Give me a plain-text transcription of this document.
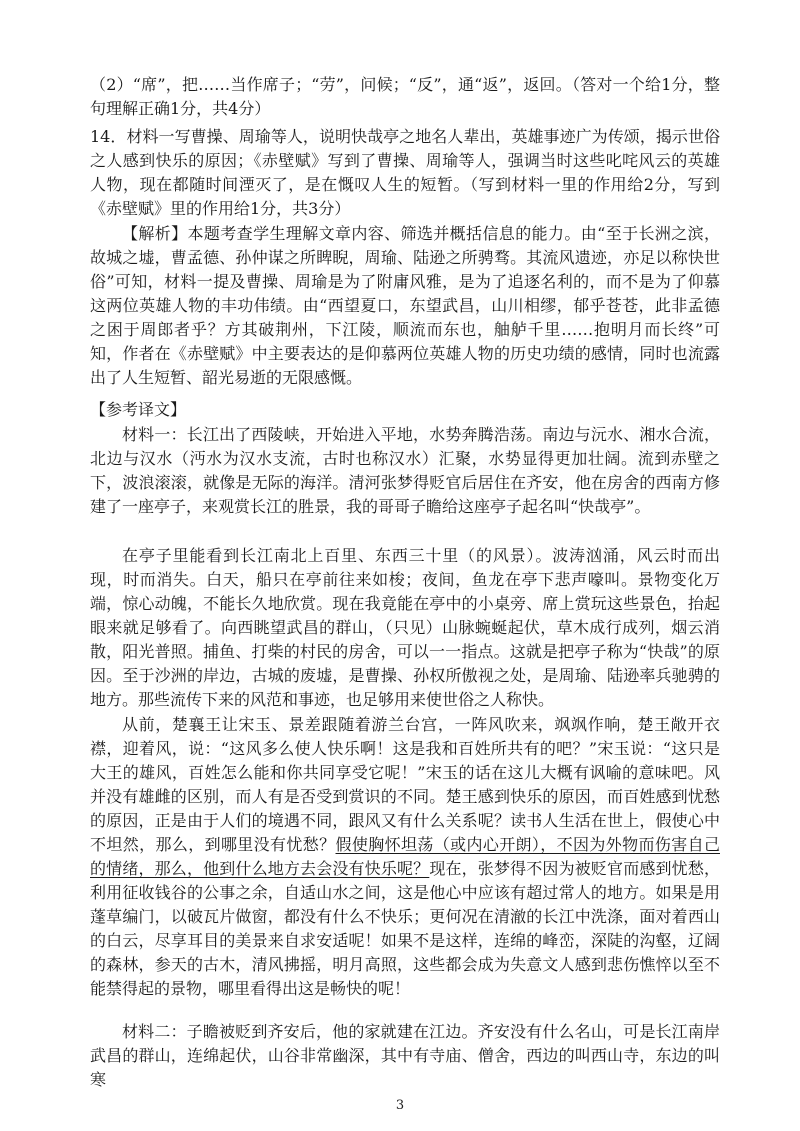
（2）“席”，把……当作席子；“劳”，问候；“反”，通“返”，返回。（答对一个给1分，整句理解正确1分，共4分）
14．材料一写曹操、周瑜等人，说明快哉亭之地名人辈出，英雄事迹广为传颂，揭示世俗之人感到快乐的原因；《赤壁赋》写到了曹操、周瑜等人，强调当时这些叱咤风云的英雄人物，现在都随时间湮灭了，是在慨叹人生的短暂。（写到材料一里的作用给2分，写到《赤壁赋》里的作用给1分，共3分）
【解析】本题考查学生理解文章内容、筛选并概括信息的能力。由“至于长洲之滨，故城之墟，曹孟德、孙仲谋之所睥睨，周瑜、陆逊之所骋骛。其流风遗迹，亦足以称快世俗”可知，材料一提及曹操、周瑜是为了附庸风雅，是为了追逐名利的，而不是为了仰慕这两位英雄人物的丰功伟绩。由“西望夏口，东望武昌，山川相缪，郁乎苍苍，此非孟德之困于周郎者乎？方其破荆州，下江陵，顺流而东也，舳舻千里……抱明月而长终”可知，作者在《赤壁赋》中主要表达的是仰慕两位英雄人物的历史功绩的感情，同时也流露出了人生短暂、韶光易逝的无限感慨。
【参考译文】
材料一：长江出了西陵峡，开始进入平地，水势奔腾浩荡。南边与沅水、湘水合流，北边与汉水（沔水为汉水支流，古时也称汉水）汇聚，水势显得更加壮阔。流到赤壁之下，波浪滚滚，就像是无际的海洋。清河张梦得贬官后居住在齐安，他在房舍的西南方修建了一座亭子，来观赏长江的胜景，我的哥哥子瞻给这座亭子起名叫“快哉亭”。
在亭子里能看到长江南北上百里、东西三十里（的风景）。波涛汹涌，风云时而出现，时而消失。白天，船只在亭前往来如梭；夜间，鱼龙在亭下悲声嚎叫。景物变化万端，惊心动魄，不能长久地欣赏。现在我竟能在亭中的小桌旁、席上赏玩这些景色，抬起眼来就足够看了。向西眺望武昌的群山，（只见）山脉蜿蜒起伏，草木成行成列，烟云消散，阳光普照。捕鱼、打柴的村民的房舍，可以一一指点。这就是把亭子称为“快哉”的原因。至于沙洲的岸边，古城的废墟，是曹操、孙权所傲视之处，是周瑜、陆逊率兵驰骋的地方。那些流传下来的风范和事迹，也足够用来使世俗之人称快。
从前，楚襄王让宋玉、景差跟随着游兰台宫，一阵风吹来，飒飒作响，楚王敞开衣襟，迎着风，说：“这风多么使人快乐啊！这是我和百姓所共有的吧？”宋玉说：“这只是大王的雄风，百姓怎么能和你共同享受它呢！”宋玉的话在这儿大概有讽喻的意味吧。风并没有雄雌的区别，而人有是否受到赏识的不同。楚王感到快乐的原因，而百姓感到忧愁的原因，正是由于人们的境遇不同，跟风又有什么关系呢？读书人生活在世上，假使心中不坦然，那么，到哪里没有忧愁？假使胸怀坦荡（或内心开朗），不因为外物而伤害自己的情绪，那么，他到什么地方去会没有快乐呢？现在，张梦得不因为被贬官而感到忧愁，利用征收钱谷的公事之余，自适山水之间，这是他心中应该有超过常人的地方。如果是用蓬草编门，以破瓦片做窗，都没有什么不快乐；更何况在清澈的长江中洗涤，面对着西山的白云，尽享耳目的美景来自求安适呢！如果不是这样，连绵的峰峦，深陡的沟壑，辽阔的森林，参天的古木，清风拂摇，明月高照，这些都会成为失意文人感到悲伤憔悴以至不能禁得起的景物，哪里看得出这是畅快的呢！
材料二：子瞻被贬到齐安后，他的家就建在江边。齐安没有什么名山，可是长江南岸武昌的群山，连绵起伏，山谷非常幽深，其中有寺庙、僧舍，西边的叫西山寺，东边的叫寒
3
